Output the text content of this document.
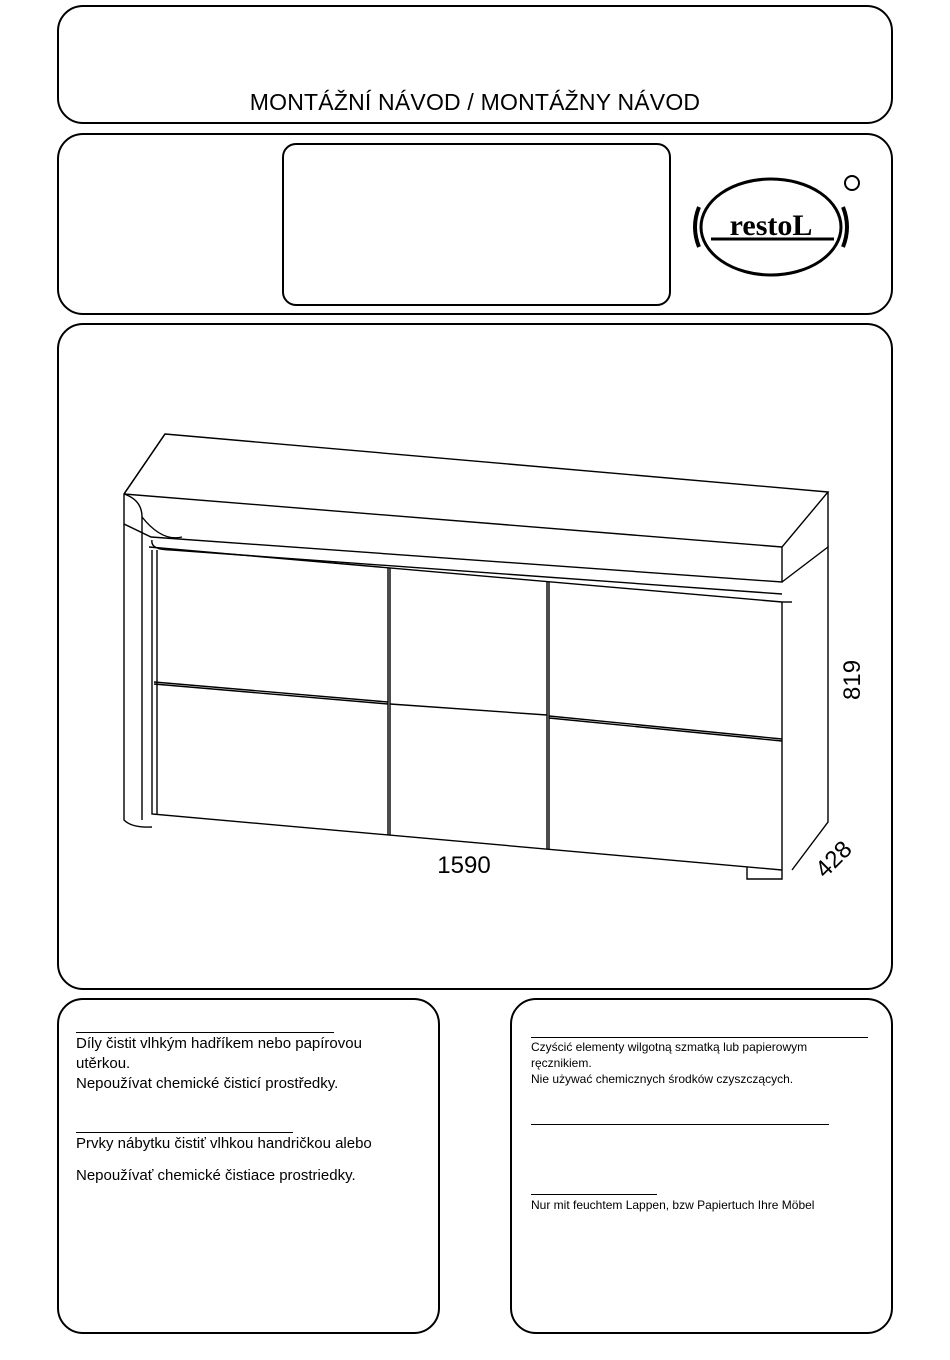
MONTÁŽNÍ NÁVOD / MONTÁŽNY NÁVOD
restoL
1590
819
428
Díly čistit vlhkým hadříkem nebo papírovou
utěrkou.
Nepoužívat chemické čisticí prostředky.
Prvky nábytku čistiť vlhkou handričkou alebo
Nepoužívať chemické čistiace prostriedky.
Czyścić elementy wilgotną szmatką lub papierowym
ręcznikiem.
Nie używać chemicznych środków czyszczących.
Nur mit feuchtem Lappen, bzw Papiertuch Ihre Möbel
